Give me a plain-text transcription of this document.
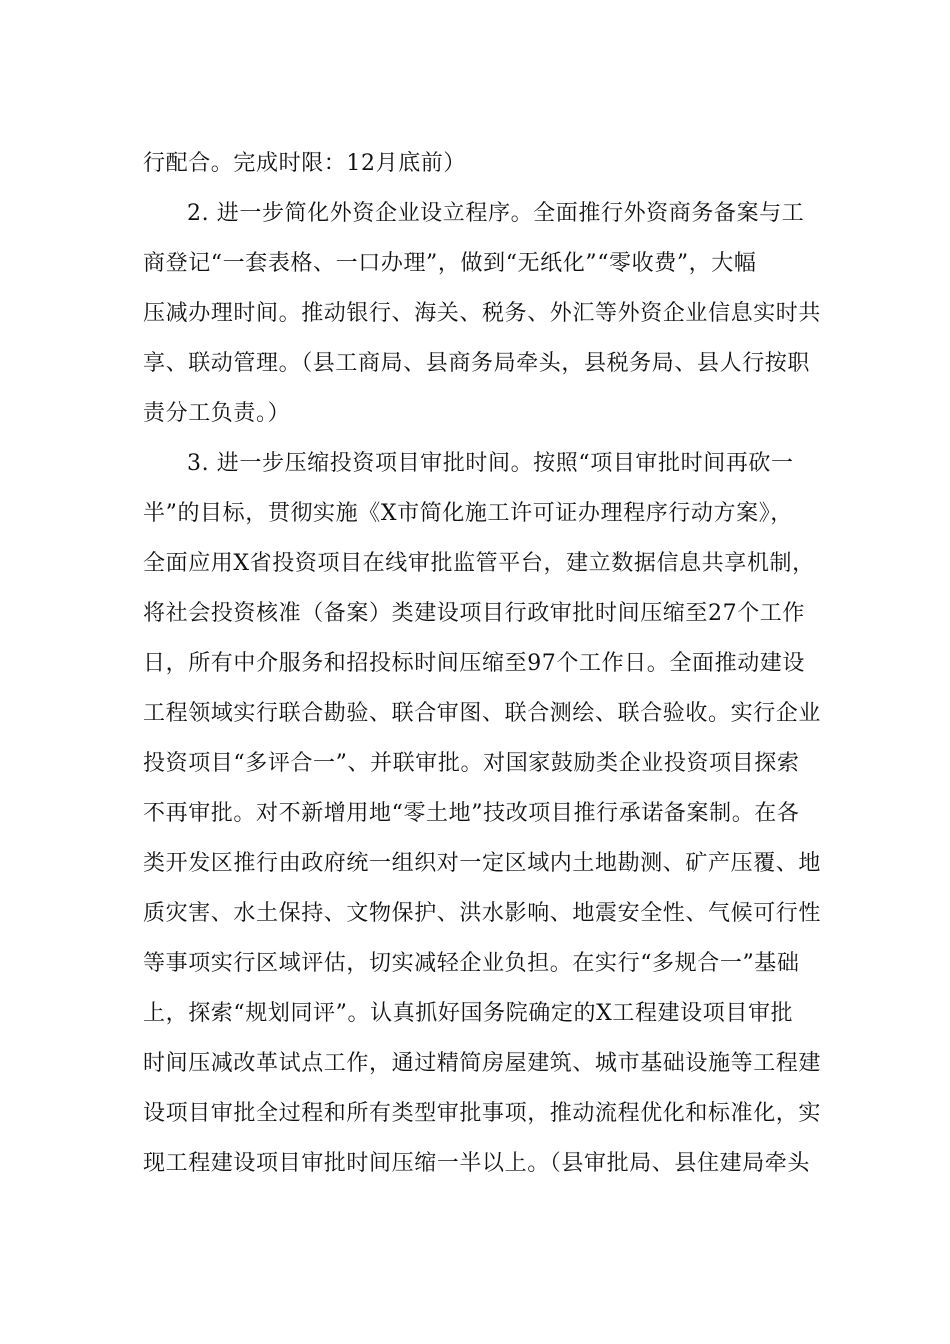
行配合。完成时限：12月底前）
2. 进一步简化外资企业设立程序。全面推行外资商务备案与工
商登记“一套表格、一口办理”，做到“无纸化”“零收费”，大幅
压减办理时间。推动银行、海关、税务、外汇等外资企业信息实时共
享、联动管理。（县工商局、县商务局牵头，县税务局、县人行按职
责分工负责。）
3. 进一步压缩投资项目审批时间。按照“项目审批时间再砍一
半”的目标，贯彻实施《X市简化施工许可证办理程序行动方案》，
全面应用X省投资项目在线审批监管平台，建立数据信息共享机制，
将社会投资核准（备案）类建设项目行政审批时间压缩至27个工作
日，所有中介服务和招投标时间压缩至97个工作日。全面推动建设
工程领域实行联合勘验、联合审图、联合测绘、联合验收。实行企业
投资项目“多评合一”、并联审批。对国家鼓励类企业投资项目探索
不再审批。对不新增用地“零土地”技改项目推行承诺备案制。在各
类开发区推行由政府统一组织对一定区域内土地勘测、矿产压覆、地
质灾害、水土保持、文物保护、洪水影响、地震安全性、气候可行性
等事项实行区域评估，切实减轻企业负担。在实行“多规合一”基础
上，探索“规划同评”。认真抓好国务院确定的X工程建设项目审批
时间压减改革试点工作，通过精简房屋建筑、城市基础设施等工程建
设项目审批全过程和所有类型审批事项，推动流程优化和标准化，实
现工程建设项目审批时间压缩一半以上。（县审批局、县住建局牵头
